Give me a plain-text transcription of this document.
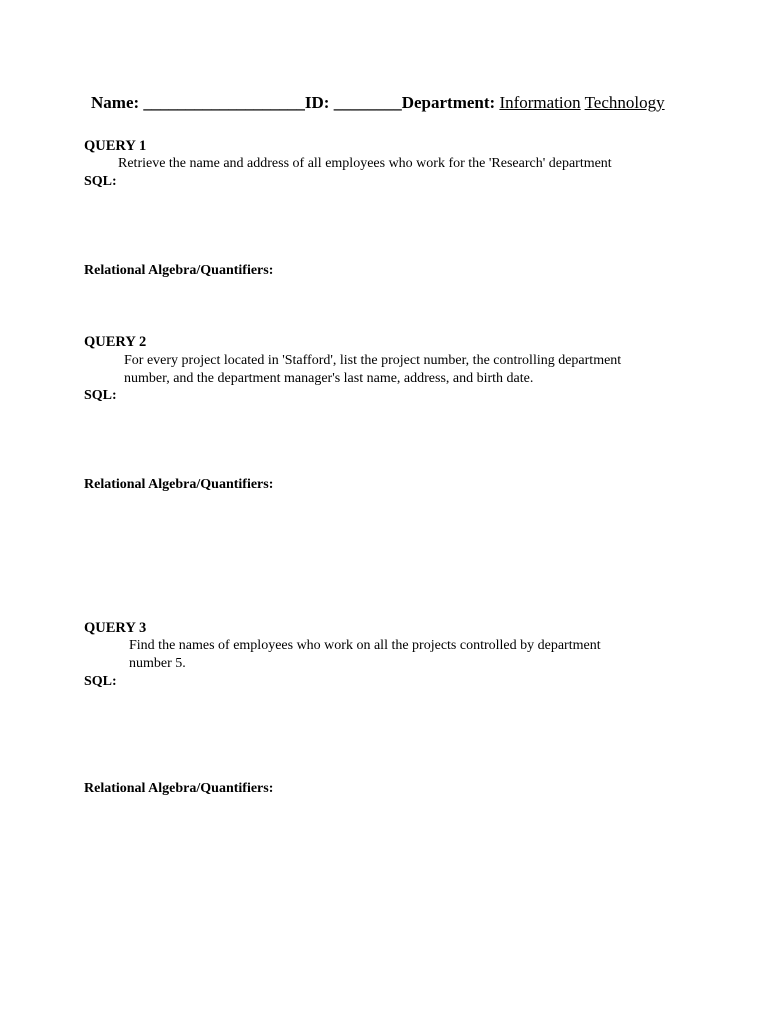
Name: ___________________ID: ________Department: Information Technology
QUERY 1
Retrieve the name and address of all employees who work for the 'Research' department
SQL:
Relational Algebra/Quantifiers:
QUERY 2
For every project located in 'Stafford', list the project number, the controlling department
number, and the department manager's last name, address, and birth date.
SQL:
Relational Algebra/Quantifiers:
QUERY 3
Find the names of employees who work on all the projects controlled by department
number 5.
SQL:
Relational Algebra/Quantifiers:
